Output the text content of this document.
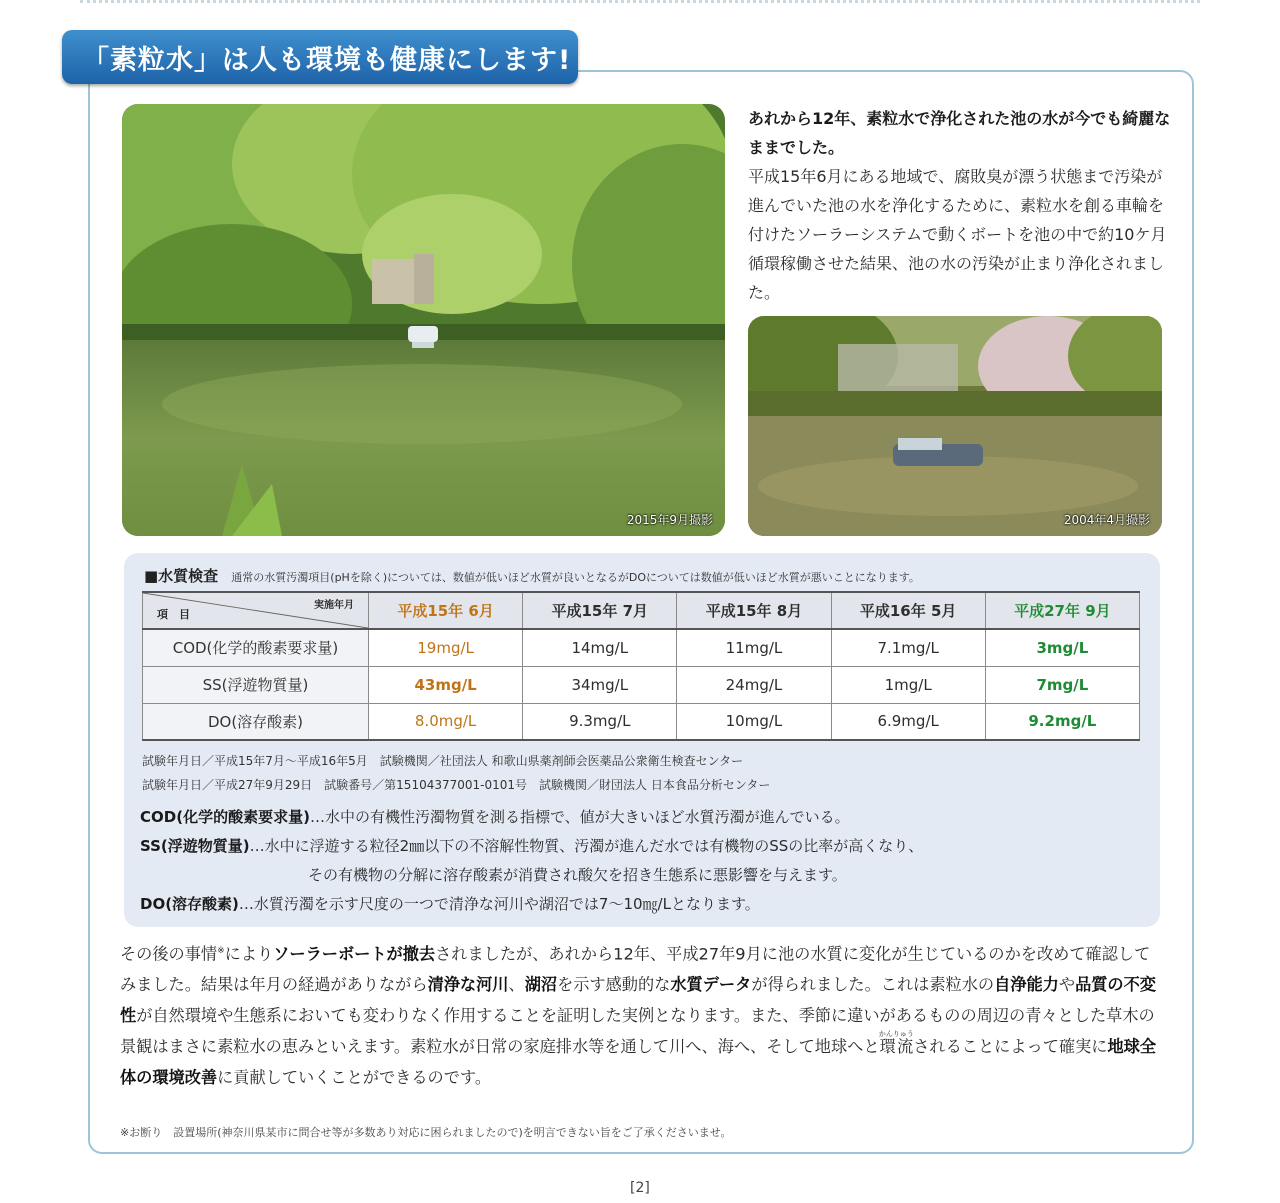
「素粒水」は人も環境も健康にします!
2015年9月撮影
あれから12年、素粒水で浄化された池の水が今でも綺麗なままでした。
平成15年6月にある地域で、腐敗臭が漂う状態まで汚染が進んでいた池の水を浄化するために、素粒水を創る車輪を付けたソーラーシステムで動くボートを池の中で約10ケ月循環稼働させた結果、池の水の汚染が止まり浄化されました。
2004年4月撮影
■水質検査 通常の水質汚濁項目(pHを除く)については、数値が低いほど水質が良いとなるがDOについては数値が低いほど水質が悪いことになります。
実施年月
項　目	平成15年 6月	平成15年 7月	平成15年 8月	平成16年 5月	平成27年 9月
COD(化学的酸素要求量)	19mg/L	14mg/L	11mg/L	7.1mg/L	3mg/L
SS(浮遊物質量)	43mg/L	34mg/L	24mg/L	1mg/L	7mg/L
DO(溶存酸素)	8.0mg/L	9.3mg/L	10mg/L	6.9mg/L	9.2mg/L
試験年月日／平成15年7月〜平成16年5月　試験機関／社団法人 和歌山県薬剤師会医薬品公衆衛生検査センター
試験年月日／平成27年9月29日　試験番号／第15104377001-0101号　試験機関／財団法人 日本食品分析センター
COD(化学的酸素要求量)…水中の有機性汚濁物質を測る指標で、値が大きいほど水質汚濁が進んでいる。
SS(浮遊物質量)…水中に浮遊する粒径2㎜以下の不溶解性物質、汚濁が進んだ水では有機物のSSの比率が高くなり、
その有機物の分解に溶存酸素が消費され酸欠を招き生態系に悪影響を与えます。
DO(溶存酸素)…水質汚濁を示す尺度の一つで清浄な河川や湖沼では7〜10㎎/Lとなります。
その後の事情※によりソーラーボートが撤去されましたが、あれから12年、平成27年9月に池の水質に変化が生じているのかを改めて確認してみました。結果は年月の経過がありながら清浄な河川、湖沼を示す感動的な水質データが得られました。これは素粒水の自浄能力や品質の不変性が自然環境や生態系においても変わりなく作用することを証明した実例となります。また、季節に違いがあるものの周辺の青々とした草木の景観はまさに素粒水の恵みといえます。素粒水が日常の家庭排水等を通して川へ、海へ、そして地球へと環流かんりゅうされることによって確実に地球全体の環境改善に貢献していくことができるのです。
※お断り　設置場所(神奈川県某市に問合せ等が多数あり対応に困られましたので)を明言できない旨をご了承くださいませ。
[2]
